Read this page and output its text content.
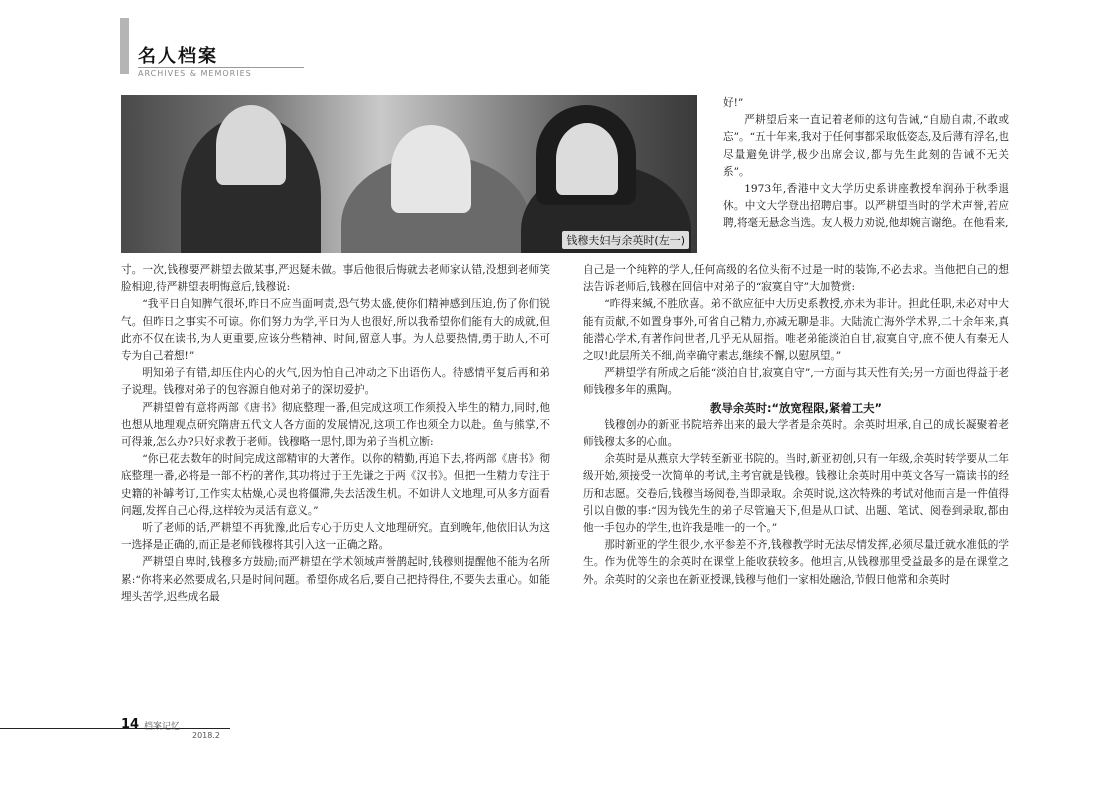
名人档案
ARCHIVES & MEMORIES
钱穆夫妇与余英时(左一)

寸。一次,钱穆要严耕望去做某事,严迟疑未做。事后他很后悔就去老师家认错,没想到老师笑脸相迎,待严耕望表明悔意后,钱穆说:

“我平日自知脾气很坏,昨日不应当面呵责,恐气势太盛,使你们精神感到压迫,伤了你们锐气。但昨日之事实不可谅。你们努力为学,平日为人也很好,所以我希望你们能有大的成就,但此亦不仅在读书,为人更重要,应该分些精神、时间,留意人事。为人总要热情,勇于助人,不可专为自己着想!”

明知弟子有错,却压住内心的火气,因为怕自己冲动之下出语伤人。待感情平复后再和弟子说理。钱穆对弟子的包容源自他对弟子的深切爱护。

严耕望曾有意将两部《唐书》彻底整理一番,但完成这项工作须投入毕生的精力,同时,他也想从地理观点研究隋唐五代文人各方面的发展情况,这项工作也须全力以赴。鱼与熊掌,不可得兼,怎么办?只好求教于老师。钱穆略一思忖,即为弟子当机立断:

“你已花去数年的时间完成这部精审的大著作。以你的精勤,再追下去,将两部《唐书》彻底整理一番,必将是一部不朽的著作,其功将过于王先谦之于两《汉书》。但把一生精力专注于史籍的补罅考订,工作实太枯燥,心灵也将僵滞,失去活泼生机。不如讲人文地理,可从多方面看问题,发挥自己心得,这样较为灵活有意义。”

听了老师的话,严耕望不再犹豫,此后专心于历史人文地理研究。直到晚年,他依旧认为这一选择是正确的,而正是老师钱穆将其引入这一正确之路。

严耕望自卑时,钱穆多方鼓励;而严耕望在学术领域声誉鹊起时,钱穆则提醒他不能为名所累:“你将来必然要成名,只是时间问题。希望你成名后,要自己把持得住,不要失去重心。如能埋头苦学,迟些成名最

好!”

严耕望后来一直记着老师的这句告诫,“自励自肃,不敢或忘”。“五十年来,我对于任何事都采取低姿态,及后薄有浮名,也尽量避免讲学,极少出席会议,都与先生此刻的告诫不无关系”。

1973年,香港中文大学历史系讲座教授牟润孙于秋季退休。中文大学登出招聘启事。以严耕望当时的学术声誉,若应聘,将毫无悬念当选。友人极力劝说,他却婉言谢绝。在他看来,

自己是一个纯粹的学人,任何高级的名位头衔不过是一时的装饰,不必去求。当他把自己的想法告诉老师后,钱穆在回信中对弟子的“寂寞自守”大加赞赏:

“昨得来缄,不胜欣喜。弟不欲应征中大历史系教授,亦未为非计。担此任职,未必对中大能有贡献,不如置身事外,可省自己精力,亦减无聊是非。大陆流亡海外学术界,二十余年来,真能潜心学术,有著作问世者,几乎无从屈指。唯老弟能淡泊自甘,寂寞自守,庶不使人有秦无人之叹!此层所关不细,尚幸确守素志,继续不懈,以慰夙望。”

严耕望学有所成之后能“淡泊自甘,寂寞自守”,一方面与其天性有关;另一方面也得益于老师钱穆多年的熏陶。

教导余英时:“放宽程限,紧着工夫”

钱穆创办的新亚书院培养出来的最大学者是余英时。余英时坦承,自己的成长凝聚着老师钱穆太多的心血。

余英时是从燕京大学转至新亚书院的。当时,新亚初创,只有一年级,余英时转学要从二年级开始,须接受一次简单的考试,主考官就是钱穆。钱穆让余英时用中英文各写一篇读书的经历和志愿。交卷后,钱穆当场阅卷,当即录取。余英时说,这次特殊的考试对他而言是一件值得引以自傲的事:“因为钱先生的弟子尽管遍天下,但是从口试、出题、笔试、阅卷到录取,都由他一手包办的学生,也许我是唯一的一个。”

那时新亚的学生很少,水平参差不齐,钱穆教学时无法尽情发挥,必须尽量迁就水准低的学生。作为优等生的余英时在课堂上能收获较多。他坦言,从钱穆那里受益最多的是在课堂之外。余英时的父亲也在新亚授课,钱穆与他们一家相处融洽,节假日他常和余英时

14 档案记忆
2018.2
